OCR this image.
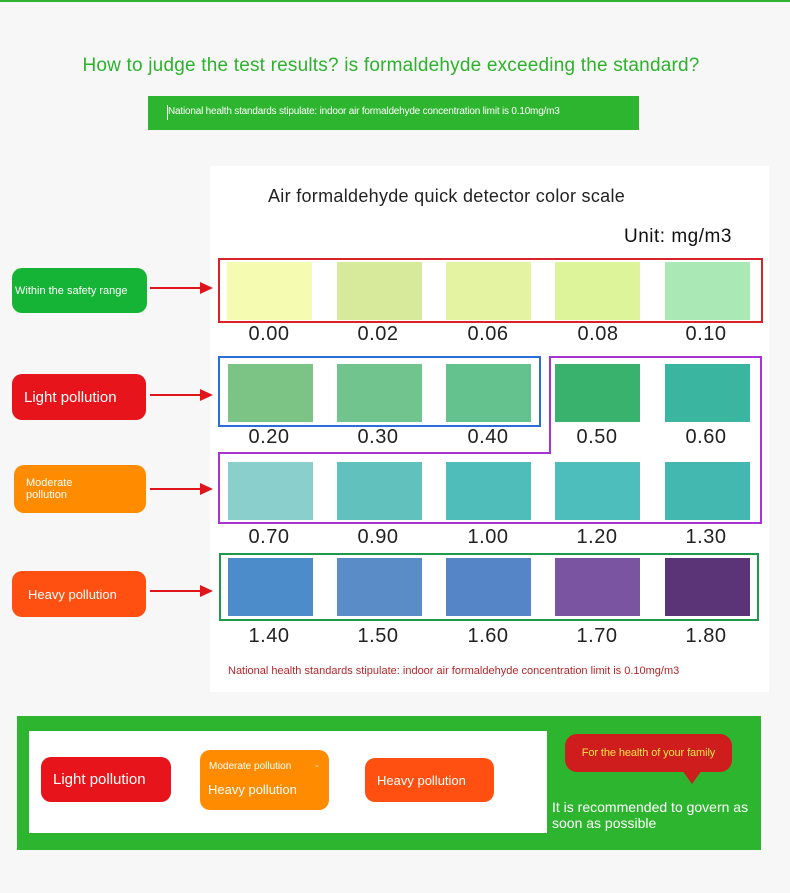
How to judge the test results? is formaldehyde exceeding the standard?
National health standards stipulate: indoor air formaldehyde concentration limit is 0.10mg/m3
Air formaldehyde quick detector color scale
Unit: mg/m3
0.00	0.02	0.06	0.08	0.10
0.20	0.30	0.40	0.50	0.60
0.70	0.90	1.00	1.20	1.30
1.40	1.50	1.60	1.70	1.80
National health standards stipulate: indoor air formaldehyde concentration limit is 0.10mg/m3
Within the safety range
Light pollution
Moderate
pollution
Heavy pollution
Light pollution
Moderate pollution -
Heavy pollution
Heavy pollution
For the health of your family
It is recommended to govern as soon as possible
